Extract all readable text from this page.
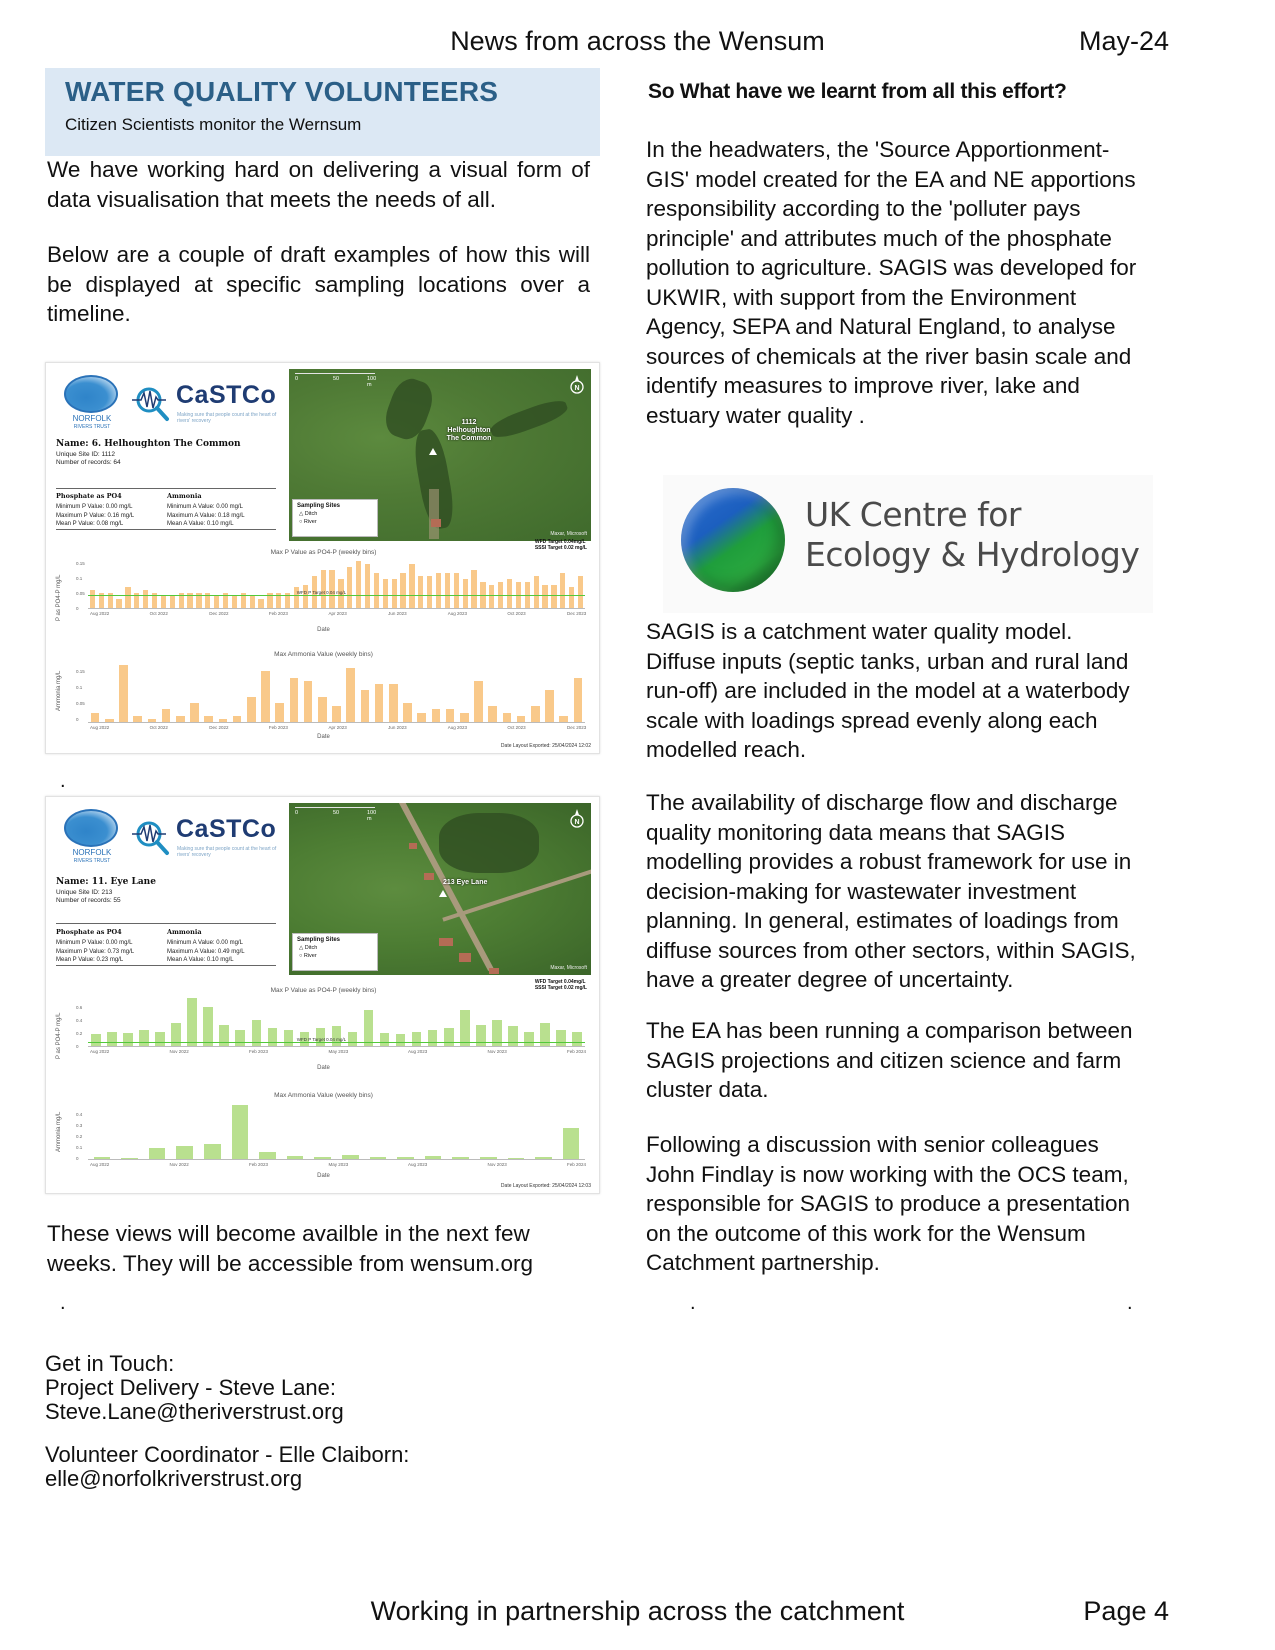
News from across the Wensum	May-24
WATER QUALITY VOLUNTEERS
Citizen Scientists monitor the Wernsum
We have working hard on delivering a visual form of data visualisation that meets the needs of all.
Below are a couple of draft examples of how this will be displayed at specific sampling locations over a timeline.
NORFOLK
RIVERS TRUST
CaSTCo
Making sure that people count at the heart of rivers' recovery
Name: 6. Helhoughton The Common
Unique Site ID: 1112
Number of records: 64
Phosphate as PO4
Minimum P Value: 0.00 mg/L
Maximum P Value: 0.16 mg/L
Mean P Value: 0.08 mg/L
Ammonia
Minimum A Value: 0.00 mg/L
Maximum A Value: 0.18 mg/L
Mean A Value: 0.10 mg/L
0	50	100 m	N
1112
Helhoughton
The Common
Sampling Sites
△ Ditch
○ River
Maxar, Microsoft
Max P Value as PO4-P (weekly bins)
WFD Target 0.04mg/L
SSSI Target 0.02 mg/L
P as PO4-P mg/L
0.15
0.1
0.05
0
WFD P Target 0.04 mg/L
Date
Aug 2022	Oct 2022	Dec 2022	Feb 2023	Apr 2023	Jun 2023	Aug 2023	Oct 2023	Dec 2023
Max Ammonia Value (weekly bins)
Ammonia mg/L	0.15
0.1
0.05
0
Date
Aug 2022	Oct 2022	Dec 2022	Feb 2023	Apr 2023	Jun 2023	Aug 2023	Oct 2023	Dec 2023
Date Layout Exported: 25/04/2024 12:02
.
NORFOLK
RIVERS TRUST
CaSTCo
Making sure that people count at the heart of rivers' recovery
Name: 11. Eye Lane
Unique Site ID: 213
Number of records: 55
Phosphate as PO4
Minimum P Value: 0.00 mg/L
Maximum P Value: 0.73 mg/L
Mean P Value: 0.23 mg/L
Ammonia
Minimum A Value: 0.00 mg/L
Maximum A Value: 0.49 mg/L
Mean A Value: 0.10 mg/L
0	50	100 m	N
213 Eye Lane
Sampling Sites
△ Ditch
○ River
Maxar, Microsoft
Max P Value as PO4-P (weekly bins)
WFD Target 0.04mg/L
SSSI Target 0.02 mg/L
P as PO4-P mg/L
0.6
0.4
0.2
0
WFD P Target 0.04 mg/L
Date
Aug 2022	Nov 2022	Feb 2023	May 2023	Aug 2023	Nov 2023	Feb 2024
Max Ammonia Value (weekly bins)
Ammonia mg/L	0.4
0.3
0.2
0.1
0
Date
Aug 2022	Nov 2022	Feb 2023	May 2023	Aug 2023	Nov 2023	Feb 2024
Date Layout Exported: 25/04/2024 12:03
These views will become availble in the next few weeks. They will be accessible from wensum.org
.
Get in Touch:
Project Delivery - Steve Lane:
Steve.Lane@theriverstrust.org
Volunteer Coordinator - Elle Claiborn:
elle@norfolkriverstrust.org
So What have we learnt from all this effort?
In the headwaters, the 'Source Apportionment-GIS' model created for the EA and NE apportions responsibility according to the 'polluter pays principle' and attributes much of the phosphate pollution to agriculture. SAGIS was developed for UKWIR, with support from the Environment Agency, SEPA and Natural England, to analyse sources of chemicals at the river basin scale and identify measures to improve river, lake and estuary water quality .
UK Centre for
Ecology & Hydrology
SAGIS is a catchment water quality model. Diffuse inputs (septic tanks, urban and rural land run-off) are included in the model at a waterbody scale with loadings spread evenly along each modelled reach.
The availability of discharge flow and discharge quality monitoring data means that SAGIS modelling provides a robust framework for use in decision-making for wastewater investment planning. In general, estimates of loadings from diffuse sources from other sectors, within SAGIS, have a greater degree of uncertainty.
The EA has been running a comparison between SAGIS projections and citizen science and farm cluster data.
Following a discussion with senior colleagues John Findlay is now working with the OCS team, responsible for SAGIS to produce a presentation on the outcome of this work for the Wensum Catchment partnership.
.	.
Working in partnership across the catchment	Page 4
